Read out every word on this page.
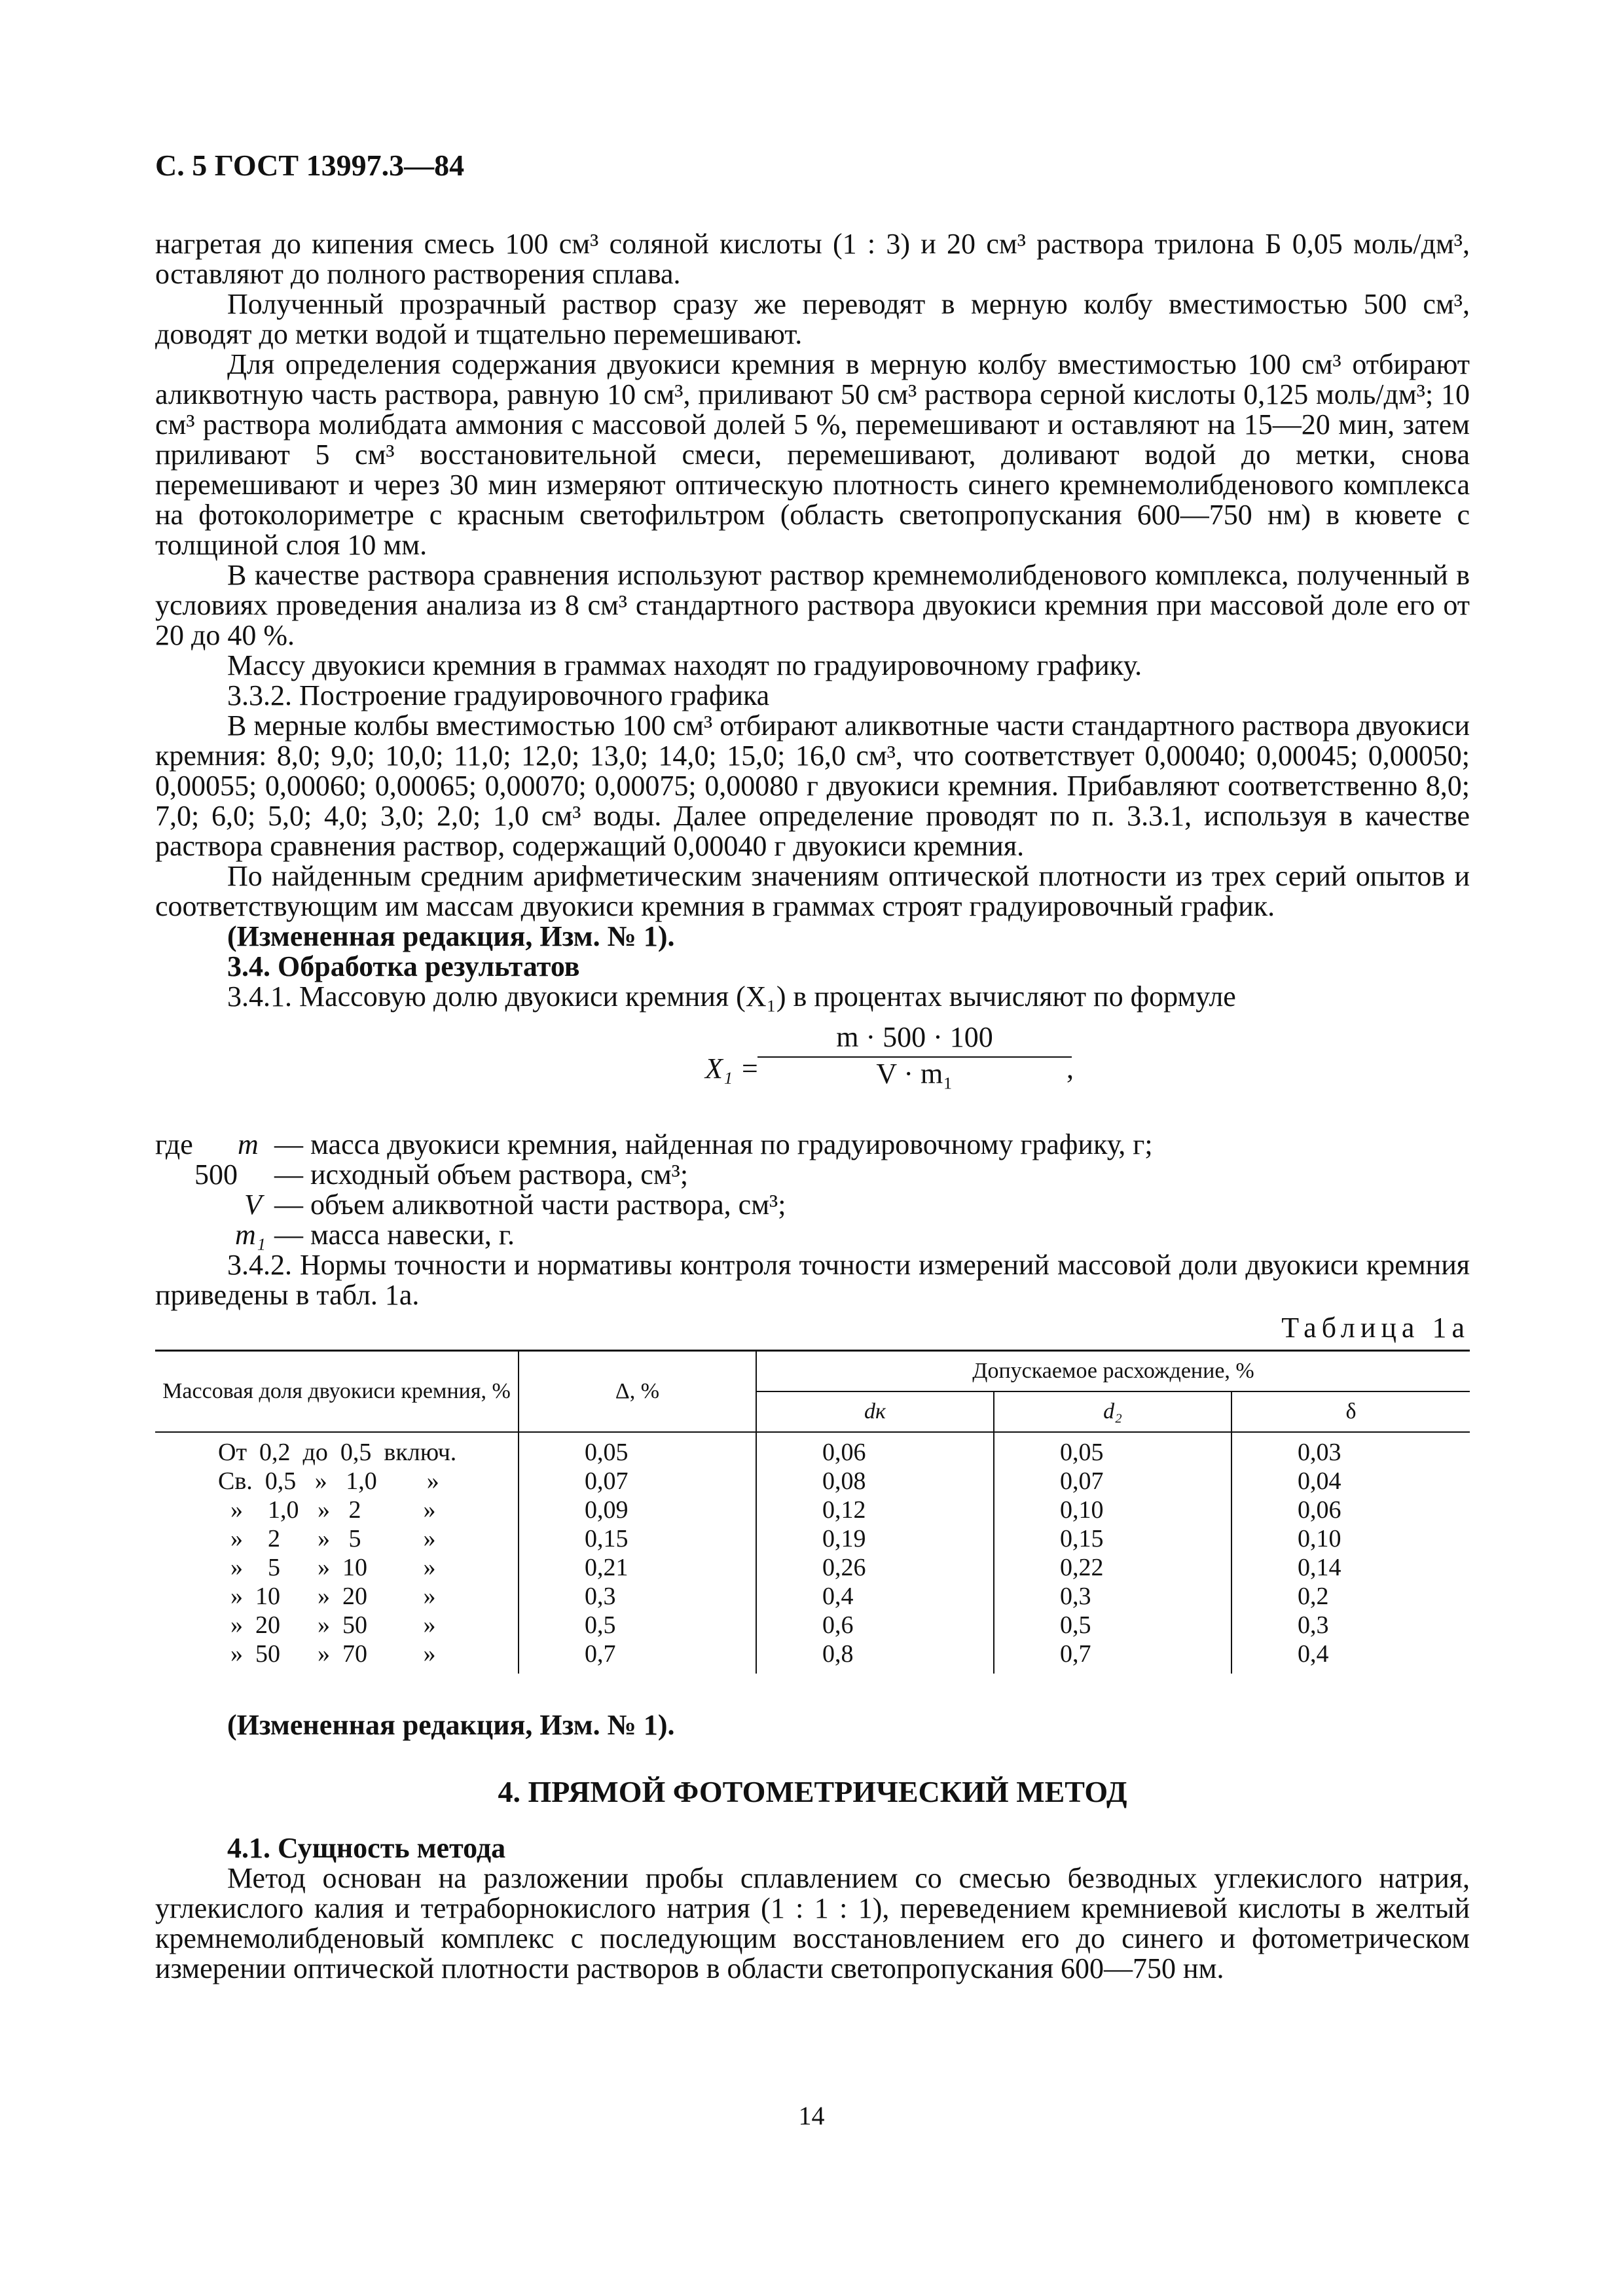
С. 5 ГОСТ 13997.3—84

нагретая до кипения смесь 100 см³ соляной кислоты (1 : 3) и 20 см³ раствора трилона Б 0,05 моль/дм³, оставляют до полного растворения сплава.

Полученный прозрачный раствор сразу же переводят в мерную колбу вместимостью 500 см³, доводят до метки водой и тщательно перемешивают.

Для определения содержания двуокиси кремния в мерную колбу вместимостью 100 см³ отбирают аликвотную часть раствора, равную 10 см³, приливают 50 см³ раствора серной кислоты 0,125 моль/дм³; 10 см³ раствора молибдата аммония с массовой долей 5 %, перемешивают и оставляют на 15—20 мин, затем приливают 5 см³ восстановительной смеси, перемешивают, доливают водой до метки, снова перемешивают и через 30 мин измеряют оптическую плотность синего кремнемолибденового комплекса на фотоколориметре с красным светофильтром (область светопропускания 600—750 нм) в кювете с толщиной слоя 10 мм.

В качестве раствора сравнения используют раствор кремнемолибденового комплекса, полученный в условиях проведения анализа из 8 см³ стандартного раствора двуокиси кремния при массовой доле его от 20 до 40 %.

Массу двуокиси кремния в граммах находят по градуировочному графику.

3.3.2. Построение градуировочного графика

В мерные колбы вместимостью 100 см³ отбирают аликвотные части стандартного раствора двуокиси кремния: 8,0; 9,0; 10,0; 11,0; 12,0; 13,0; 14,0; 15,0; 16,0 см³, что соответствует 0,00040; 0,00045; 0,00050; 0,00055; 0,00060; 0,00065; 0,00070; 0,00075; 0,00080 г двуокиси кремния. Прибавляют соответственно 8,0; 7,0; 6,0; 5,0; 4,0; 3,0; 2,0; 1,0 см³ воды. Далее определение проводят по п. 3.3.1, используя в качестве раствора сравнения раствор, содержащий 0,00040 г двуокиси кремния.

По найденным средним арифметическим значениям оптической плотности из трех серий опытов и соответствующим им массам двуокиси кремния в граммах строят градуировочный график.

(Измененная редакция, Изм. № 1).

3.4. Обработка результатов

3.4.1. Массовую долю двуокиси кремния (X₁) в процентах вычисляют по формуле

X₁ =
$\frac{m \cdot 500 \cdot 100}{\text{V · m₁}}$
,
где m — масса двуокиси кремния, найденная по градуировочному графику, г;
500 — исходный объем раствора, см³;
V — объем аликвотной части раствора, см³;
m₁ — масса навески, г.

3.4.2. Нормы точности и нормативы контроля точности измерений массовой доли двуокиси кремния приведены в табл. 1а.

Таблица 1а
Массовая доля двуокиси кремния, %	Δ, %	Допускаемое расхождение, %		
		dк	d₂	δ
От  0,2  до  0,5  включ.	0,05	0,06	0,05	0,03
Св.  0,5   »   1,0        »	0,07	0,08	0,07	0,04
»    1,0   »   2          »	0,09	0,12	0,10	0,06
»    2      »   5          »	0,15	0,19	0,15	0,10
»    5      »  10         »	0,21	0,26	0,22	0,14
»  10      »  20         »	0,3	0,4	0,3	0,2
»  20      »  50         »	0,5	0,6	0,5	0,3
»  50      »  70         »	0,7	0,8	0,7	0,4

(Измененная редакция, Изм. № 1).

4. ПРЯМОЙ ФОТОМЕТРИЧЕСКИЙ МЕТОД

4.1. Сущность метода

Метод основан на разложении пробы сплавлением со смесью безводных углекислого натрия, углекислого калия и тетраборнокислого натрия (1 : 1 : 1), переведением кремниевой кислоты в желтый кремнемолибденовый комплекс с последующим восстановлением его до синего и фотометрическом измерении оптической плотности растворов в области светопропускания 600—750 нм.

14
